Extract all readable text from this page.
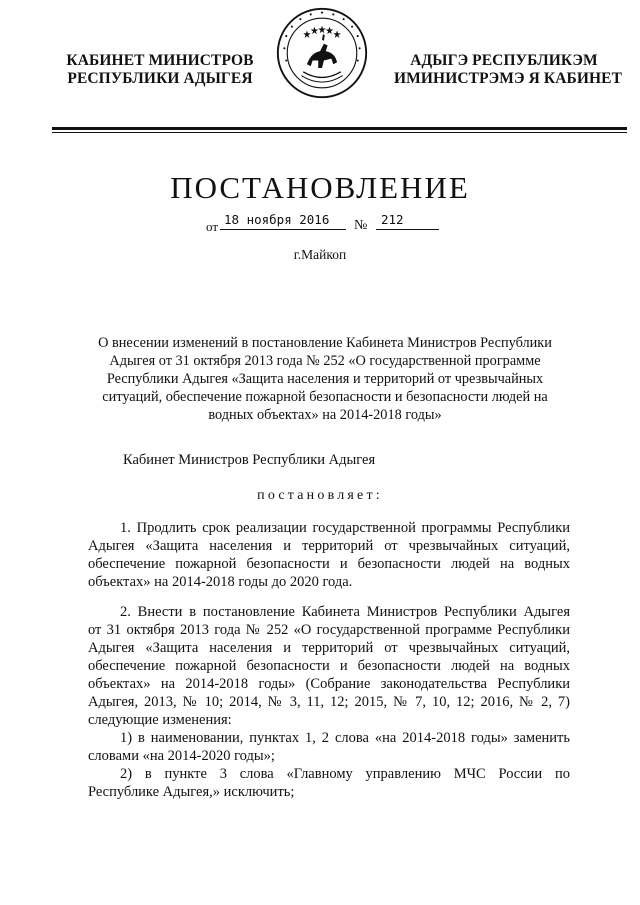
КАБИНЕТ МИНИСТРОВ
РЕСПУБЛИКИ АДЫГЕЯ
АДЫГЭ РЕСПУБЛИКЭМ
ИМИНИСТРЭМЭ Я КАБИНЕТ
ПОСТАНОВЛЕНИЕ
от 18 ноября 2016	№	212
г.Майкоп
О внесении изменений в постановление Кабинета Министров Республики
Адыгея от 31 октября 2013 года № 252 «О государственной программе
Республики Адыгея «Защита населения и территорий от чрезвычайных
ситуаций, обеспечение пожарной безопасности и безопасности людей на
водных объектах» на 2014-2018 годы»
Кабинет Министров Республики Адыгея
постановляет:
1. Продлить срок реализации государственной программы Республики
Адыгея «Защита населения и территорий от чрезвычайных ситуаций,
обеспечение пожарной безопасности и безопасности людей на водных
объектах» на 2014-2018 годы до 2020 года.
2. Внести в постановление Кабинета Министров Республики Адыгея
от 31 октября 2013 года № 252 «О государственной программе Республики
Адыгея «Защита населения и территорий от чрезвычайных ситуаций,
обеспечение пожарной безопасности и безопасности людей на водных
объектах» на 2014-2018 годы» (Собрание законодательства Республики
Адыгея, 2013, № 10; 2014, № 3, 11, 12; 2015, № 7, 10, 12; 2016, № 2, 7)
следующие изменения:
1) в наименовании, пунктах 1, 2 слова «на 2014-2018 годы» заменить
словами «на 2014-2020 годы»;
2) в пункте 3 слова «Главному управлению МЧС России по
Республике Адыгея,» исключить;
